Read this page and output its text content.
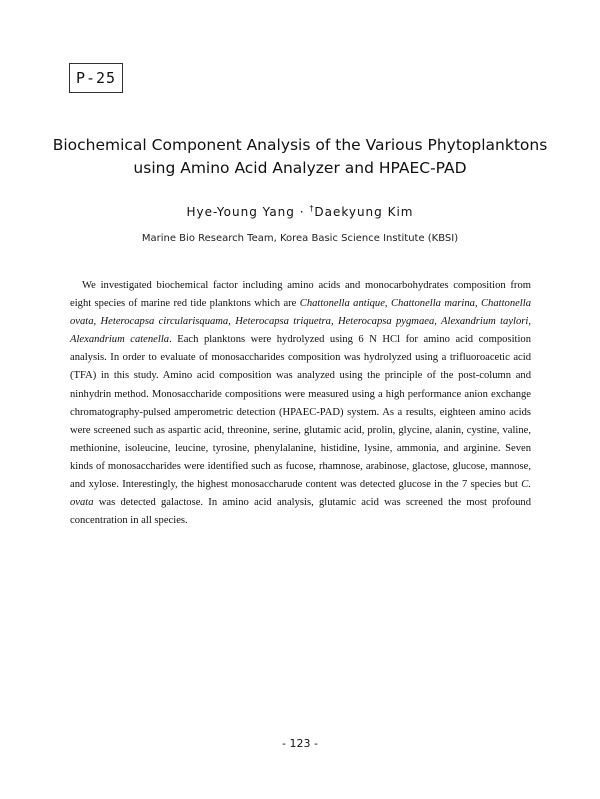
P-25
Biochemical Component Analysis of the Various Phytoplanktons
using Amino Acid Analyzer and HPAEC-PAD
Hye-Young Yang · †Daekyung Kim
Marine Bio Research Team, Korea Basic Science Institute (KBSI)
We investigated biochemical factor including amino acids and monocarbohydrates composition from eight species of marine red tide planktons which are Chattonella antique, Chattonella marina, Chattonella ovata, Heterocapsa circularisquama, Heterocapsa triquetra, Heterocapsa pygmaea, Alexandrium taylori, Alexandrium catenella. Each planktons were hydrolyzed using 6 N HCl for amino acid composition analysis. In order to evaluate of monosaccharides composition was hydrolyzed using a trifluoroacetic acid (TFA) in this study. Amino acid composition was analyzed using the principle of the post-column and ninhydrin method. Monosaccharide compositions were measured using a high performance anion exchange chromatography-pulsed amperometric detection (HPAEC-PAD) system. As a results, eighteen amino acids were screened such as aspartic acid, threonine, serine, glutamic acid, prolin, glycine, alanin, cystine, valine, methionine, isoleucine, leucine, tyrosine, phenylalanine, histidine, lysine, ammonia, and arginine. Seven kinds of monosaccharides were identified such as fucose, rhamnose, arabinose, glactose, glucose, mannose, and xylose. Interestingly, the highest monosaccharude content was detected glucose in the 7 species but C. ovata was detected galactose. In amino acid analysis, glutamic acid was screened the most profound concentration in all species.
- 123 -
